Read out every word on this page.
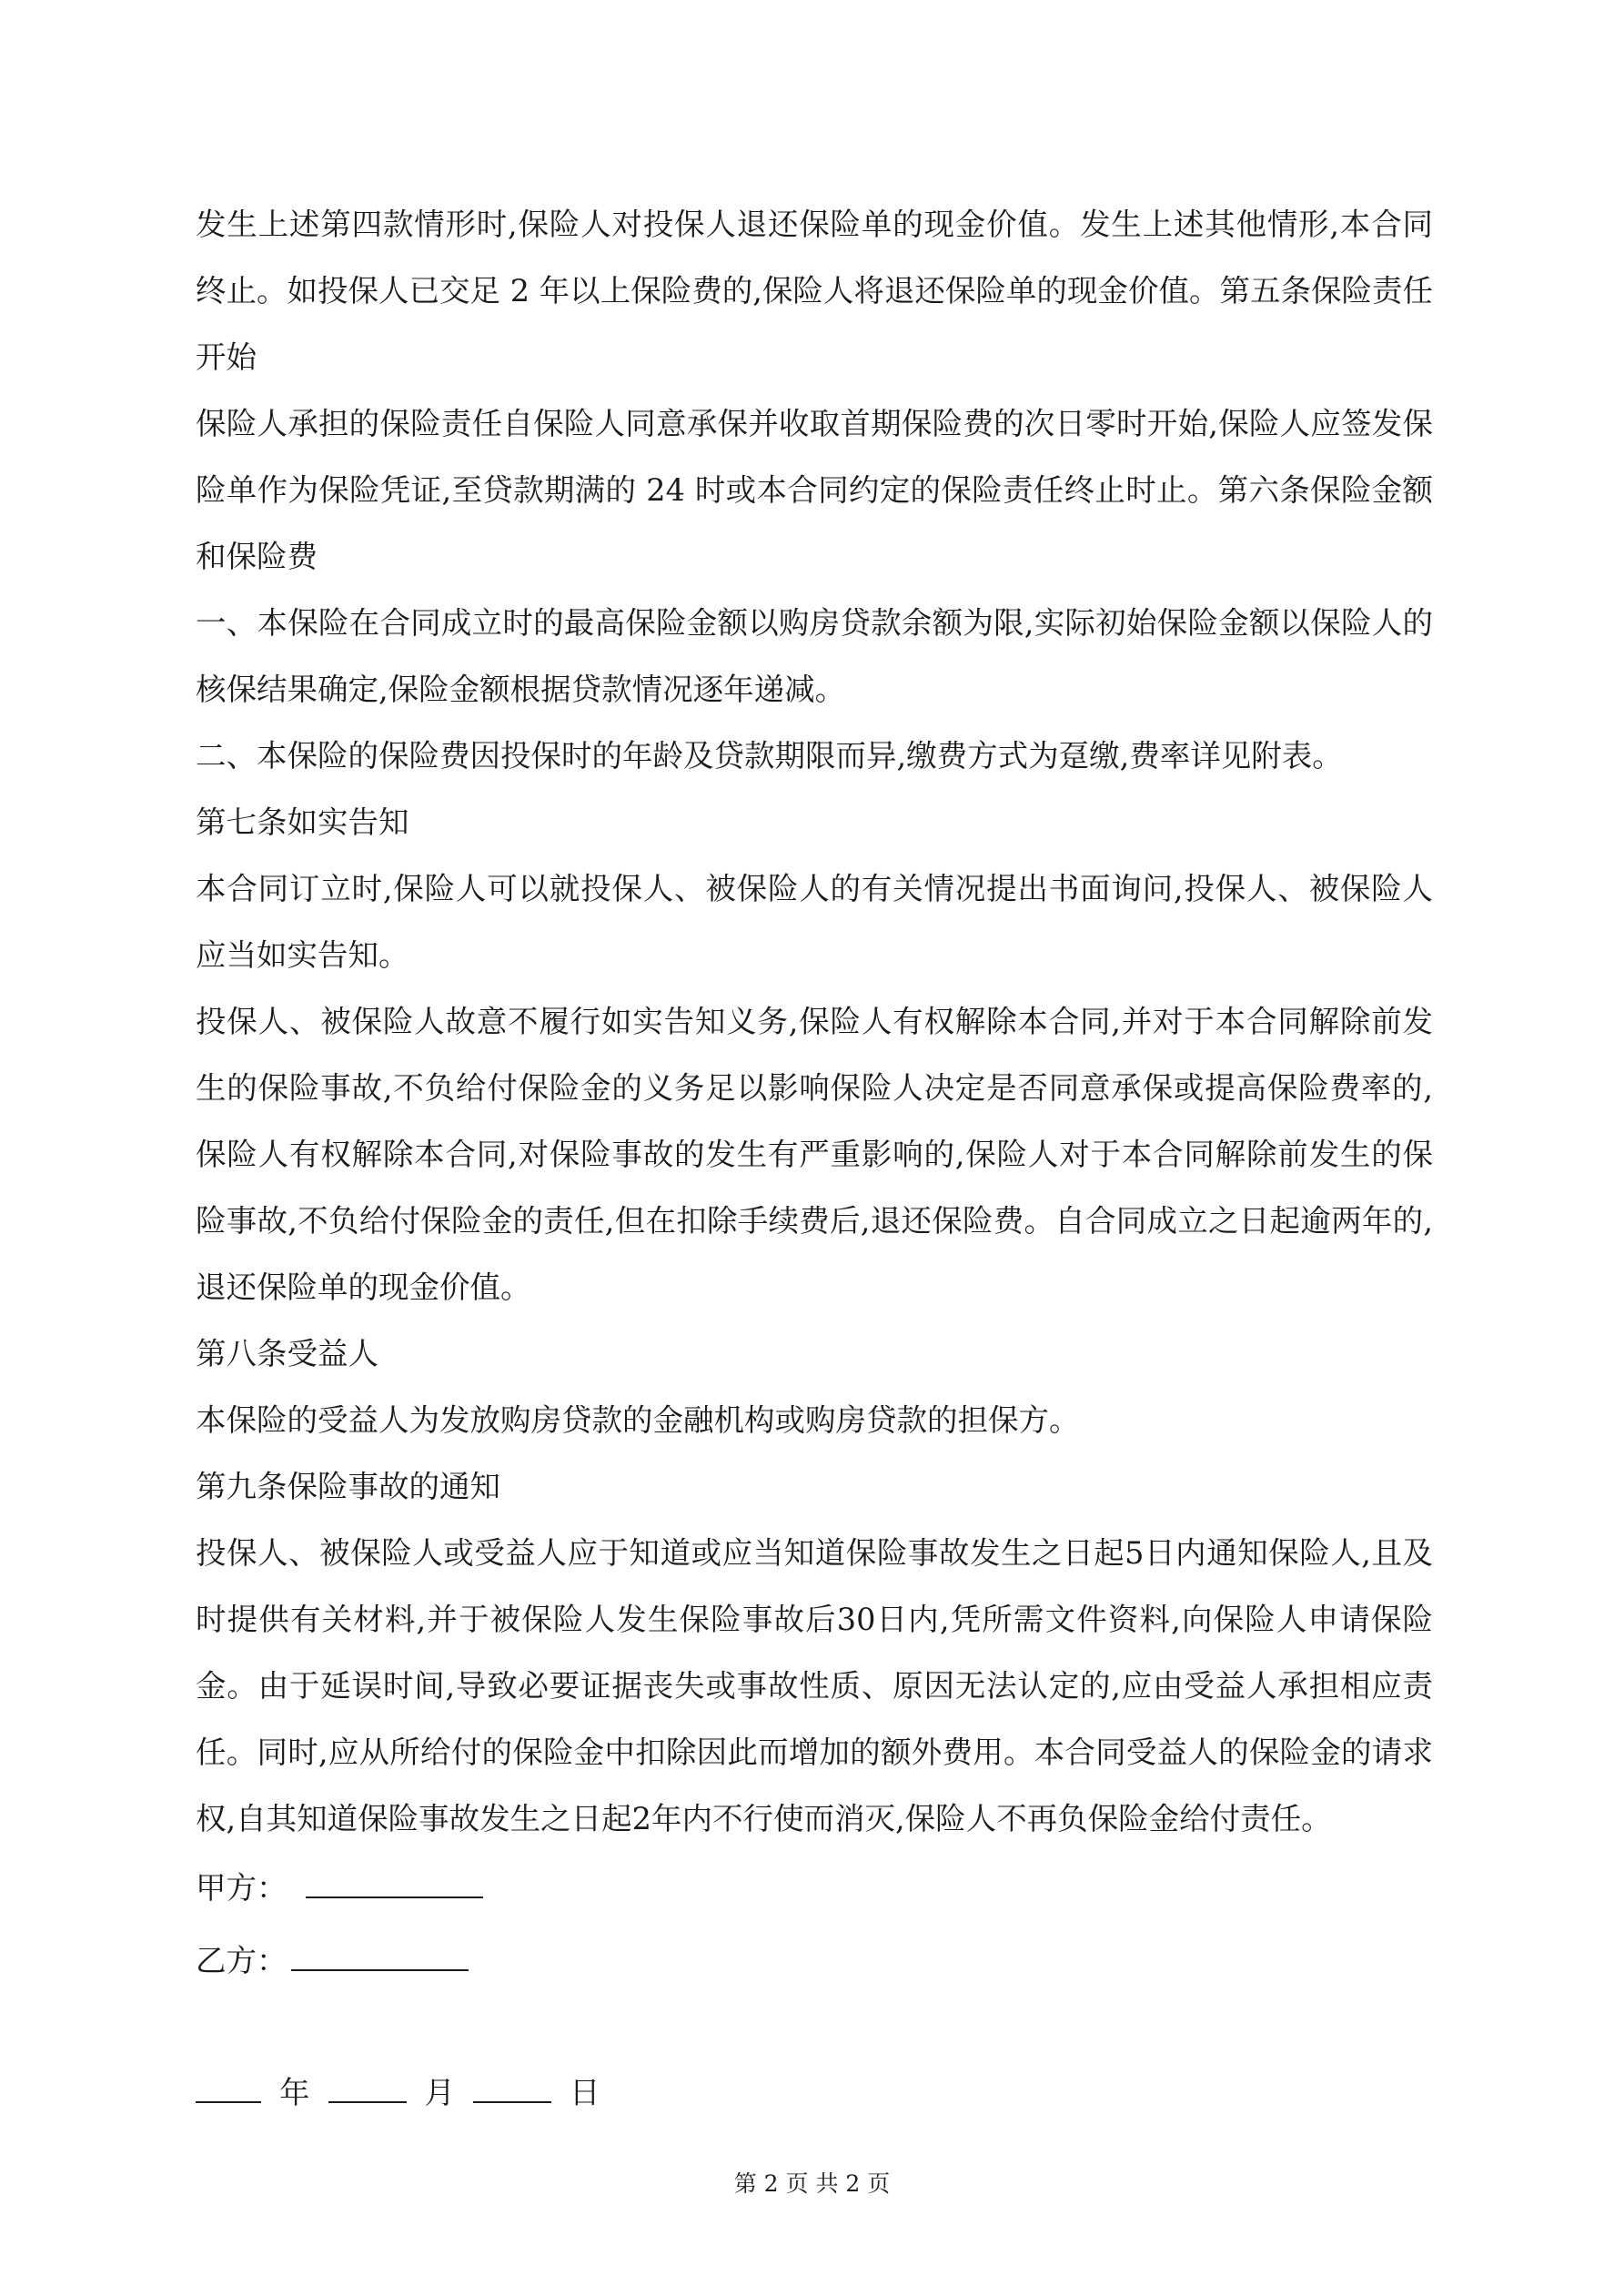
发生上述第四款情形时,保险人对投保人退还保险单的现金价值。发生上述其他情形,本合同终止。如投保人已交足 2 年以上保险费的,保险人将退还保险单的现金价值。第五条保险责任开始

保险人承担的保险责任自保险人同意承保并收取首期保险费的次日零时开始,保险人应签发保险单作为保险凭证,至贷款期满的 24 时或本合同约定的保险责任终止时止。第六条保险金额和保险费

一、本保险在合同成立时的最高保险金额以购房贷款余额为限,实际初始保险金额以保险人的核保结果确定,保险金额根据贷款情况逐年递减。

二、本保险的保险费因投保时的年龄及贷款期限而异,缴费方式为趸缴,费率详见附表。

第七条如实告知

本合同订立时,保险人可以就投保人、被保险人的有关情况提出书面询问,投保人、被保险人应当如实告知。

投保人、被保险人故意不履行如实告知义务,保险人有权解除本合同,并对于本合同解除前发生的保险事故,不负给付保险金的义务足以影响保险人决定是否同意承保或提高保险费率的,保险人有权解除本合同,对保险事故的发生有严重影响的,保险人对于本合同解除前发生的保险事故,不负给付保险金的责任,但在扣除手续费后,退还保险费。自合同成立之日起逾两年的,退还保险单的现金价值。

第八条受益人

本保险的受益人为发放购房贷款的金融机构或购房贷款的担保方。

第九条保险事故的通知

投保人、被保险人或受益人应于知道或应当知道保险事故发生之日起5日内通知保险人,且及时提供有关材料,并于被保险人发生保险事故后30日内,凭所需文件资料,向保险人申请保险金。由于延误时间,导致必要证据丧失或事故性质、原因无法认定的,应由受益人承担相应责任。同时,应从所给付的保险金中扣除因此而增加的额外费用。本合同受益人的保险金的请求权,自其知道保险事故发生之日起2年内不行使而消灭,保险人不再负保险金给付责任。

甲方：
乙方：
年	月	日
第 2 页 共 2 页
